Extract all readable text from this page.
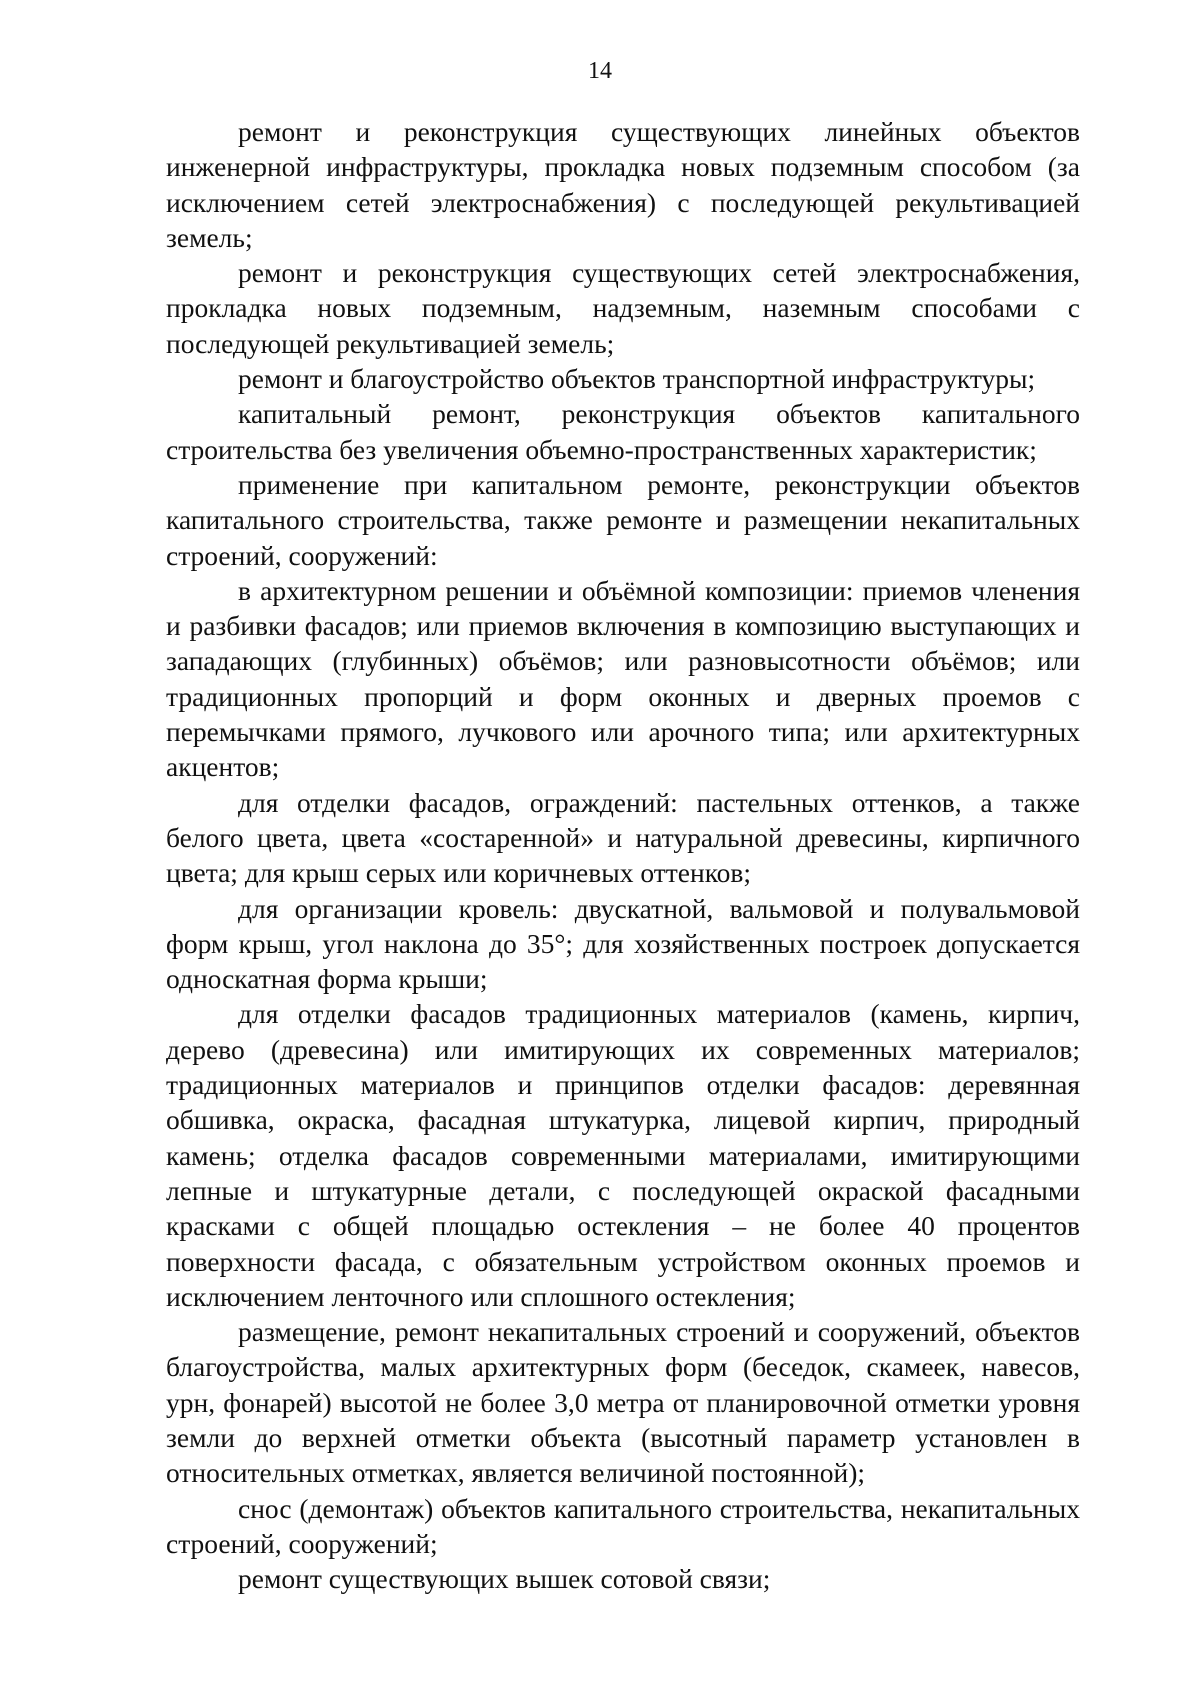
14

ремонт и реконструкция существующих линейных объектов инженерной инфраструктуры, прокладка новых подземным способом (за исключением сетей электроснабжения) с последующей рекультивацией земель;

ремонт и реконструкция существующих сетей электроснабжения, прокладка новых подземным, надземным, наземным способами с последующей рекультивацией земель;

ремонт и благоустройство объектов транспортной инфраструктуры;

капитальный ремонт, реконструкция объектов капитального строительства без увеличения объемно-пространственных характеристик;

применение при капитальном ремонте, реконструкции объектов капитального строительства, также ремонте и размещении некапитальных строений, сооружений:

в архитектурном решении и объёмной композиции: приемов членения и разбивки фасадов; или приемов включения в композицию выступающих и западающих (глубинных) объёмов; или разновысотности объёмов; или традиционных пропорций и форм оконных и дверных проемов с перемычками прямого, лучкового или арочного типа; или архитектурных акцентов;

для отделки фасадов, ограждений: пастельных оттенков, а также белого цвета, цвета «состаренной» и натуральной древесины, кирпичного цвета; для крыш серых или коричневых оттенков;

для организации кровель: двускатной, вальмовой и полувальмовой форм крыш, угол наклона до 35°; для хозяйственных построек допускается односкатная форма крыши;

для отделки фасадов традиционных материалов (камень, кирпич, дерево (древесина) или имитирующих их современных материалов; традиционных материалов и принципов отделки фасадов: деревянная обшивка, окраска, фасадная штукатурка, лицевой кирпич, природный камень; отделка фасадов современными материалами, имитирующими лепные и штукатурные детали, с последующей окраской фасадными красками с общей площадью остекления – не более 40 процентов поверхности фасада, с обязательным устройством оконных проемов и исключением ленточного или сплошного остекления;

размещение, ремонт некапитальных строений и сооружений, объектов благоустройства, малых архитектурных форм (беседок, скамеек, навесов, урн, фонарей) высотой не более 3,0 метра от планировочной отметки уровня земли до верхней отметки объекта (высотный параметр установлен в относительных отметках, является величиной постоянной);

снос (демонтаж) объектов капитального строительства, некапитальных строений, сооружений;

ремонт существующих вышек сотовой связи;
